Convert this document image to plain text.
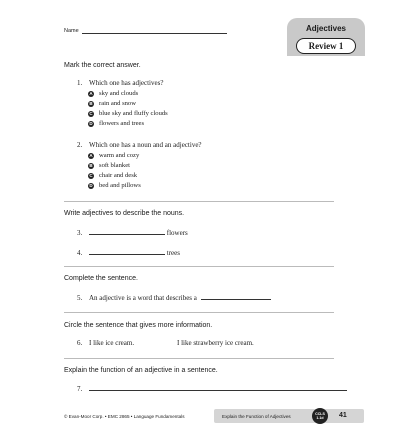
Name	Adjectives
Review 1
Mark the correct answer.
1. Which one has adjectives?
A sky and clouds
B rain and snow
C blue sky and fluffy clouds
D flowers and trees
2. Which one has a noun and an adjective?
A warm and cozy
B soft blanket
C chair and desk
D bed and pillows
Write adjectives to describe the nouns.
3.	flowers
4.	trees
Complete the sentence.
5. An adjective is a word that describes a
Circle the sentence that gives more information.
6. I like ice cream.	I like strawberry ice cream.
Explain the function of an adjective in a sentence.
7.
© Evan-Moor Corp. • EMC 2865 • Language Fundamentals	Explain the Function of Adjectives
CCLS
1.1d 41
